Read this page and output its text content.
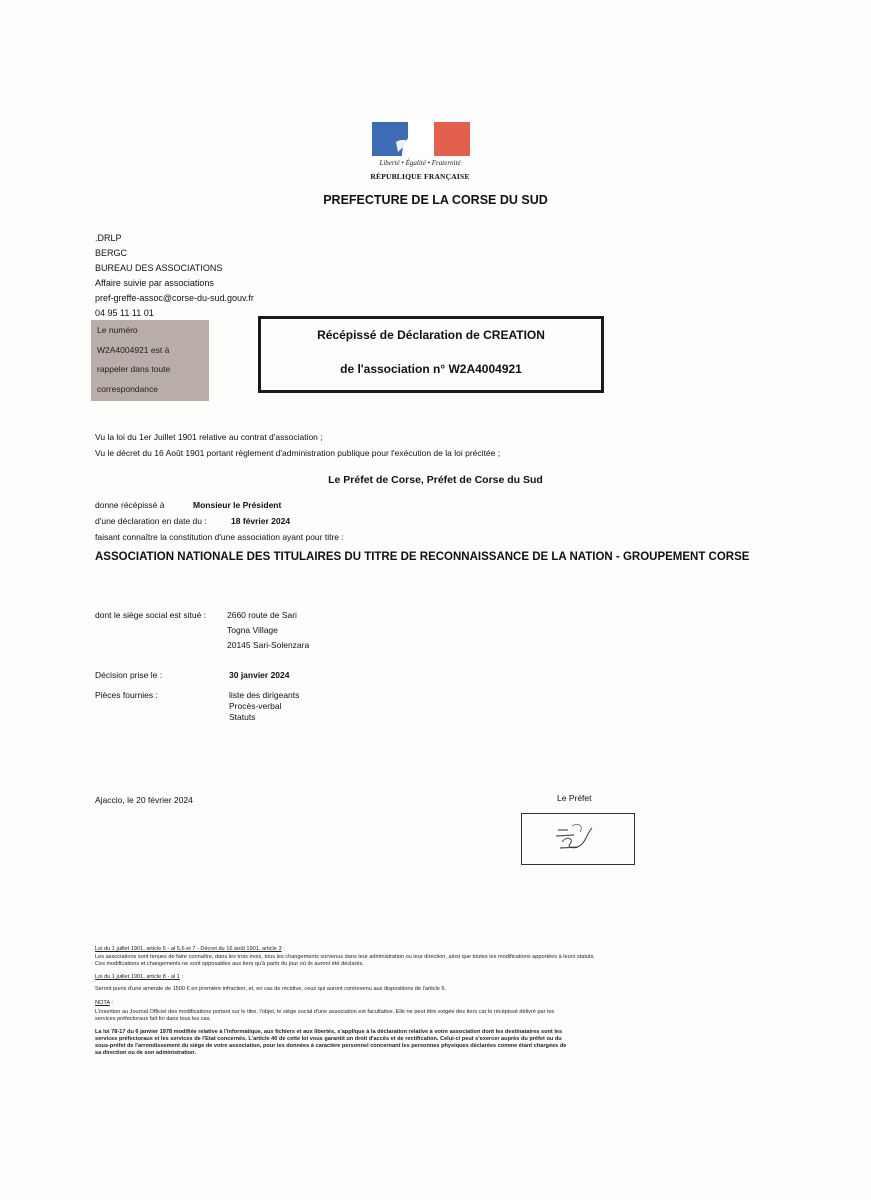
Liberté • Égalité • Fraternité
RÉPUBLIQUE FRANÇAISE
PREFECTURE DE LA CORSE DU SUD
.DRLP
BERGC
BUREAU DES ASSOCIATIONS
Affaire suivie par associations
pref-greffe-assoc@corse-du-sud.gouv.fr
04 95 11 11 01
Le numéro
W2A4004921 est à
rappeler dans toute
correspondance
Récépissé de Déclaration de CREATION
de l'association n° W2A4004921
Vu la loi du 1er Juillet 1901 relative au contrat d'association ;
Vu le décret du 16 Août 1901 portant règlement d'administration publique pour l'exécution de la loi précitée ;
Le Préfet de Corse, Préfet de Corse du Sud
donne récépissé à	Monsieur le Président
d'une déclaration en date du :	18 février 2024
faisant connaître la constitution d'une association ayant pour titre :
ASSOCIATION NATIONALE DES TITULAIRES DU TITRE DE RECONNAISSANCE DE LA NATION - GROUPEMENT CORSE
dont le siège social est situé : 2660 route de Sari
Togna Village
20145 Sari-Solenzara
Décision prise le :	30 janvier 2024
Pièces fournies :	liste des dirigeants
Procès-verbal
Statuts
Ajaccio, le 20 février 2024	Le Préfet
Loi du 1 juillet 1901, article 5 - al 5,6 et 7 - Décret du 16 août 1901, article 3 :
Les associations sont tenues de faire connaître, dans les trois mois, tous les changements survenus dans leur administration ou leur direction, ainsi que toutes les modifications apportées à leurs statuts.
Ces modifications et changements ne sont opposables aux tiers qu'à partir du jour où ils auront été déclarés.
Loi du 1 juillet 1901, article 8 - al 1 :
Seront punis d'une amende de 1500 € en première infraction, et, en cas de récidive, ceux qui auront contrevenu aux dispositions de l'article 5.
NOTA :
L'insertion au Journal Officiel des modifications portant sur le titre, l'objet, le siège social d'une association est facultative. Elle ne peut être exigée des tiers car le récépissé délivré par les
services préfectoraux fait foi dans tous les cas.
La loi 78-17 du 6 janvier 1978 modifiée relative à l'informatique, aux fichiers et aux libertés, s'applique à la déclaration relative à votre association dont les destinataires sont les
services préfectoraux et les services de l'Etat concernés. L'article 40 de cette loi vous garantit un droit d'accès et de rectification. Celui-ci peut s'exercer auprès du préfet ou du
sous-préfet de l'arrondissement du siège de votre association, pour les données à caractère personnel concernant les personnes physiques déclarées comme étant chargées de
sa direction ou de son administration.
